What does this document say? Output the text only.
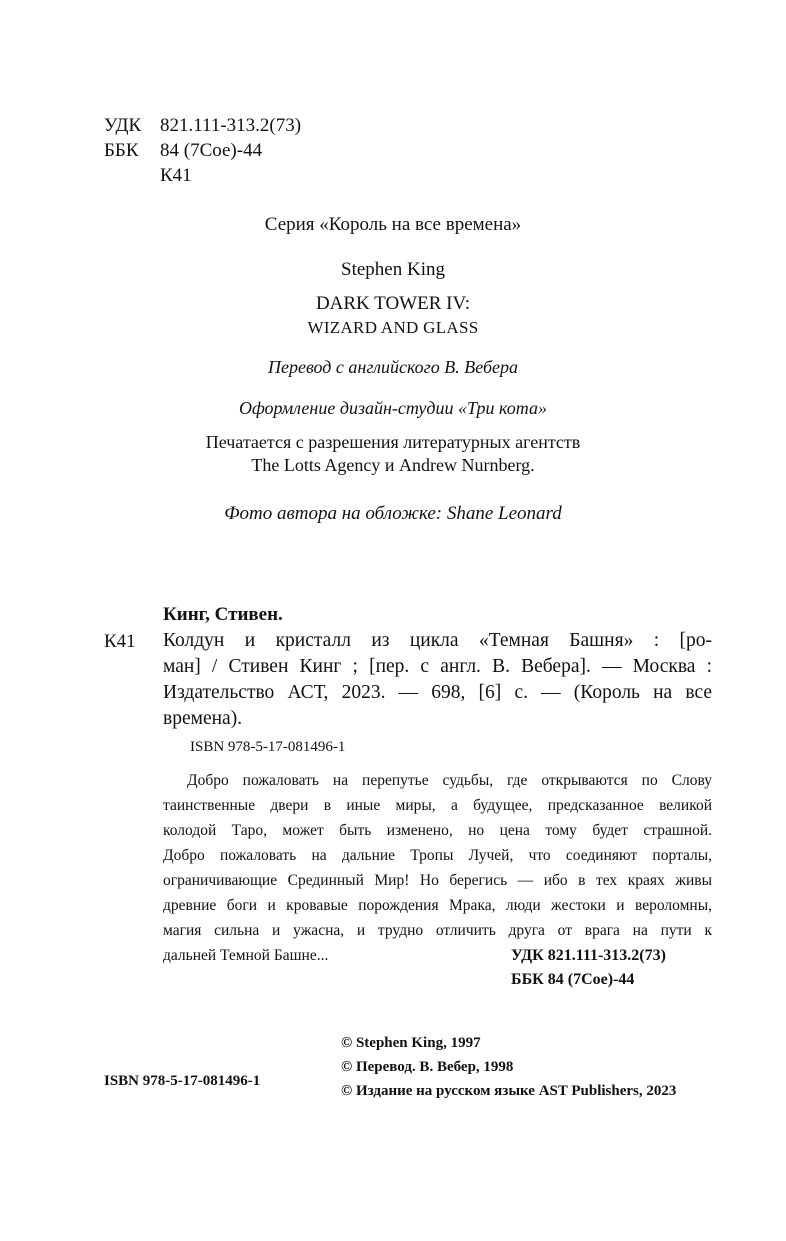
УДК 821.111-313.2(73)
ББК	84 (7Сое)-44
К41
Серия «Король на все времена»
Stephen King
DARK TOWER IV:
WIZARD AND GLASS
Перевод с английского В. Вебера
Оформление дизайн-студии «Три кота»
Печатается с разрешения литературных агентств
The Lotts Agency и Andrew Nurnberg.
Фото автора на обложке: Shane Leonard
Кинг, Стивен.
К41 Колдун и кристалл из цикла «Темная Башня» : [ро-
ман] / Стивен Кинг ; [пер. с англ. В. Вебера]. — Москва :
Издательство АСТ, 2023. — 698, [6] с. — (Король на все
времена).
ISBN 978-5-17-081496-1
Добро пожаловать на перепутье судьбы, где открываются по Слову
таинственные двери в иные миры, а будущее, предсказанное великой
колодой Таро, может быть изменено, но цена тому будет страшной.
Добро пожаловать на дальние Тропы Лучей, что соединяют порталы,
ограничивающие Срединный Мир! Но берегись — ибо в тех краях живы
древние боги и кровавые порождения Мрака, люди жестоки и вероломны,
магия сильна и ужасна, и трудно отличить друга от врага на пути к
дальней Темной Башне...	УДК 821.111-313.2(73)
ББК 84 (7Сое)-44
© Stephen King, 1997
© Перевод. В. Вебер, 1998
© Издание на русском языке AST Publishers, 2023
ISBN 978-5-17-081496-1
